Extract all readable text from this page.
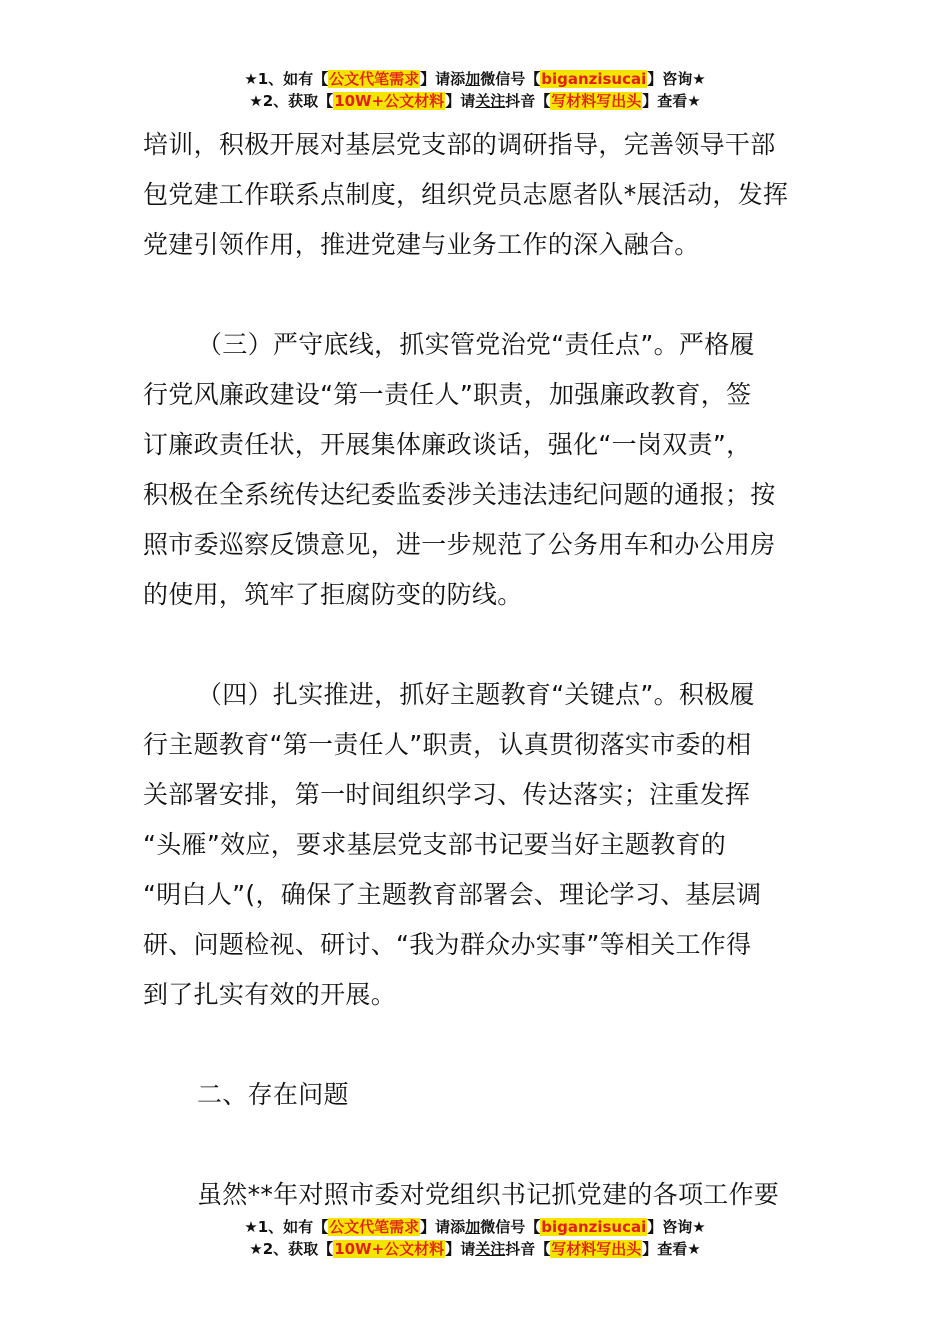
★1、如有【公文代笔需求】请添加微信号【biganzisucai】咨询★
★2、获取【10W+公文材料】请关注抖音【写材料写出头】查看★

培训，积极开展对基层党支部的调研指导，完善领导干部
包党建工作联系点制度，组织党员志愿者队*展活动，发挥
党建引领作用，推进党建与业务工作的深入融合。

（三）严守底线，抓实管党治党“责任点”。严格履
行党风廉政建设“第一责任人”职责，加强廉政教育，签
订廉政责任状，开展集体廉政谈话，强化“一岗双责”，
积极在全系统传达纪委监委涉关违法违纪问题的通报；按
照市委巡察反馈意见，进一步规范了公务用车和办公用房
的使用，筑牢了拒腐防变的防线。

（四）扎实推进，抓好主题教育“关键点”。积极履
行主题教育“第一责任人”职责，认真贯彻落实市委的相
关部署安排，第一时间组织学习、传达落实；注重发挥
“头雁”效应，要求基层党支部书记要当好主题教育的
“明白人”(，确保了主题教育部署会、理论学习、基层调
研、问题检视、研讨、“我为群众办实事”等相关工作得
到了扎实有效的开展。

二、存在问题

虽然**年对照市委对党组织书记抓党建的各项工作要

★1、如有【公文代笔需求】请添加微信号【biganzisucai】咨询★
★2、获取【10W+公文材料】请关注抖音【写材料写出头】查看★
